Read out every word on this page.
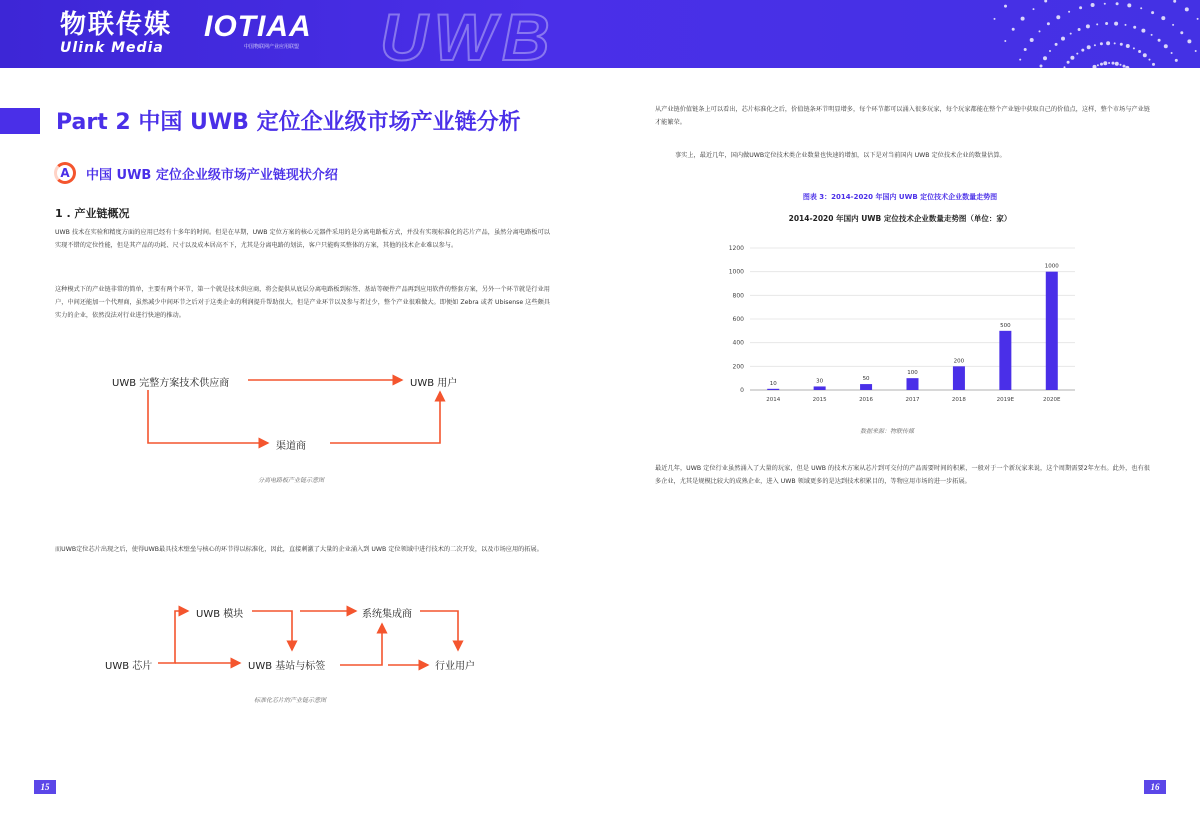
物联传媒
Ulink Media
IOTIAA
中国物联网产业应用联盟 UWB
Part 2 中国 UWB 定位企业级市场产业链分析
A	中国 UWB 定位企业级市场产业链现状介绍
1 . 产业链概况
UWB 技术在实验和精度方面的应用已经有十多年的时间。但是在早期，UWB 定位方案的核心元器件采用的是分离电路板方式，并没有实现标准化的芯片产品，虽然分离电路板可以实现不错的定位性能，但是其产品的功耗、尺寸以及成本居高不下，尤其是分离电路的划法，客户只能购买整体的方案，其他的技术企业难以参与。
这种模式下的产业链非常的简单，主要有两个环节，第一个就是技术供应商，将会提供从底层分离电路板到标签、基站等硬件产品再到应用软件的整套方案，另外一个环节就是行业用户，中间还能加一个代理商，虽然减少中间环节之后对于这类企业的利润提升帮助很大，但是产业环节以及参与者过少，整个产业很难做大。即便如 Zebra 或者 Ubisense 这些颇具实力的企业，依然没法对行业进行快速的推动。
UWB 完整方案技术供应商	UWB 用户
渠道商
分离电路板产业链示意图
而UWB定位芯片出现之后，使得UWB最具技术壁垒与核心的环节得以标准化，因此，直接刺激了大量的企业涌入到 UWB 定位领域中进行技术的二次开发，以及市场应用的拓展。
UWB 芯片
UWB 模块
UWB 基站与标签
系统集成商
行业用户
标准化芯片的产业链示意图
15
从产业链价值链条上可以看出，芯片标准化之后，价值链条环节明显增多，每个环节都可以涌入很多玩家，每个玩家都能在整个产业链中获取自己的价值点，这样，整个市场与产业链才能繁荣。
事实上，最近几年，国内做UWB定位技术类企业数量也快速的增加，以下是对当前国内 UWB 定位技术企业的数量估算。
图表 3：2014-2020 年国内 UWB 定位技术企业数量走势图
2014-2020 年国内 UWB 定位技术企业数量走势图（单位：家）
0
200
400
600
800
1000
1200
10
2014
30
2015
50
2016
100
2017
200
2018
500
2019E
1000
2020E
数据来源：物联传媒
最近几年，UWB 定位行业虽然涌入了大量的玩家，但是 UWB 的技术方案从芯片到可交付的产品需要时间的积累，一般对于一个新玩家来说，这个周期需要2年左右。此外，也有很多企业，尤其是规模比较大的成熟企业，进入 UWB 领域更多的是达到技术积累目的，等物应用市场的进一步拓展。
16
